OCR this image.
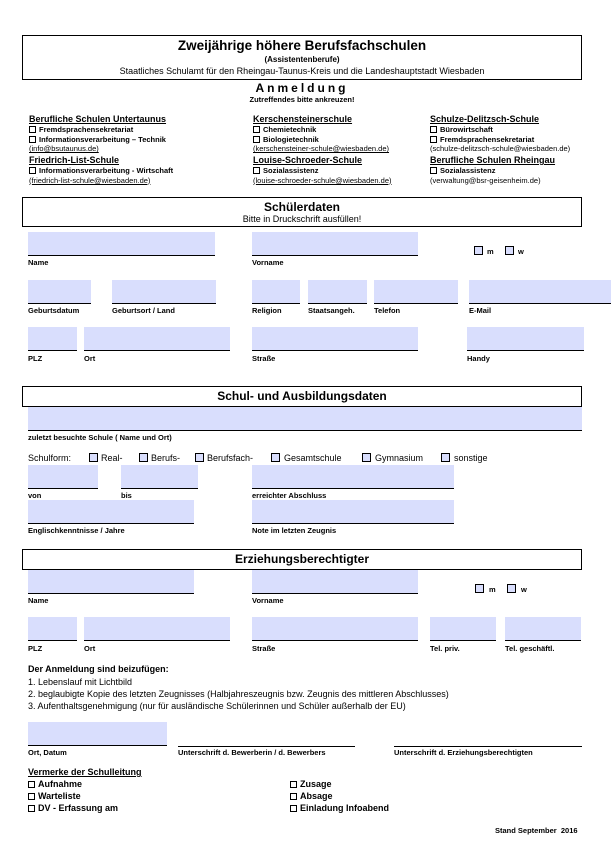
Zweijährige höhere Berufsfachschulen
(Assistentenberufe)
Staatliches Schulamt für den Rheingau-Taunus-Kreis und die Landeshauptstadt Wiesbaden
Anmeldung
Zutreffendes bitte ankreuzen!
Berufliche Schulen Untertaunus
Fremdsprachensekretariat
Informationsverarbeitung – Technik
(info@bsutaunus.de)
Friedrich-List-Schule
Informationsverarbeitung - Wirtschaft
(friedrich-list-schule@wiesbaden.de)
Kerschensteinerschule
Chemietechnik
Biologietechnik
(kerschensteiner-schule@wiesbaden.de)
Louise-Schroeder-Schule
Sozialassistenz
(louise-schroeder-schule@wiesbaden.de)
Schulze-Delitzsch-Schule
Bürowirtschaft
Fremdsprachensekretariat
(schulze-delitzsch-schule@wiesbaden.de)
Berufliche Schulen Rheingau
Sozialassistenz
(verwaltung@bsr-geisenheim.de)
Schülerdaten
Bitte in Druckschrift ausfüllen!
m	w
Name	Vorname
Geburtsdatum	Geburtsort / Land	Religion	Staatsangeh.	Telefon	E-Mail
PLZ	Ort	Straße	Handy
Schul- und Ausbildungsdaten
zuletzt besuchte Schule ( Name und Ort)
Schulform:	Real-	Berufs-	Berufsfach-	Gesamtschule	Gymnasium	sonstige
von	bis	erreichter Abschluss
Englischkenntnisse / Jahre	Note im letzten Zeugnis
Erziehungsberechtigter
m	w
Name	Vorname
PLZ	Ort	Straße	Tel. priv.	Tel. geschäftl.
Der Anmeldung sind beizufügen:
1. Lebenslauf mit Lichtbild
2. beglaubigte Kopie des letzten Zeugnisses (Halbjahreszeugnis bzw. Zeugnis des mittleren Abschlusses)
3. Aufenthaltsgenehmigung (nur für ausländische Schülerinnen und Schüler außerhalb der EU)
Ort, Datum	Unterschrift d. Bewerberin / d. Bewerbers	Unterschrift d. Erziehungsberechtigten
Vermerke der Schulleitung
Aufnahme
Warteliste
DV - Erfassung am
Zusage
Absage
Einladung Infoabend
Stand September  2016
